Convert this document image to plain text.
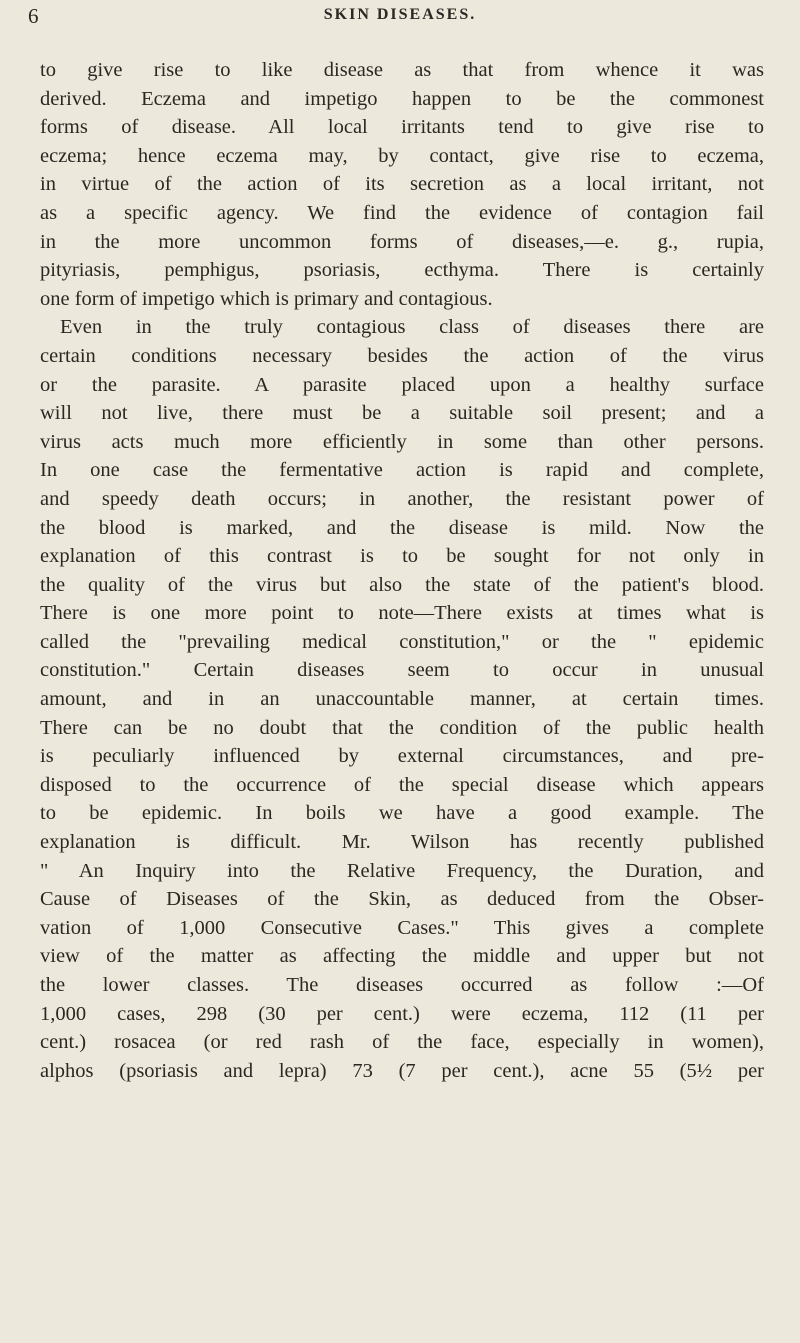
6	SKIN DISEASES.
to give rise to like disease as that from whence it was
derived. Eczema and impetigo happen to be the commonest
forms of disease. All local irritants tend to give rise to
eczema; hence eczema may, by contact, give rise to eczema,
in virtue of the action of its secretion as a local irritant, not
as a specific agency. We find the evidence of contagion fail
in the more uncommon forms of diseases,—e. g., rupia,
pityriasis, pemphigus, psoriasis, ecthyma. There is certainly
one form of impetigo which is primary and contagious.
Even in the truly contagious class of diseases there are
certain conditions necessary besides the action of the virus
or the parasite. A parasite placed upon a healthy surface
will not live, there must be a suitable soil present; and a
virus acts much more efficiently in some than other persons.
In one case the fermentative action is rapid and complete,
and speedy death occurs; in another, the resistant power of
the blood is marked, and the disease is mild. Now the
explanation of this contrast is to be sought for not only in
the quality of the virus but also the state of the patient's blood.
There is one more point to note—There exists at times what is
called the "prevailing medical constitution," or the " epidemic
constitution." Certain diseases seem to occur in unusual
amount, and in an unaccountable manner, at certain times.
There can be no doubt that the condition of the public health
is peculiarly influenced by external circumstances, and pre-
disposed to the occurrence of the special disease which appears
to be epidemic. In boils we have a good example. The
explanation is difficult. Mr. Wilson has recently published
" An Inquiry into the Relative Frequency, the Duration, and
Cause of Diseases of the Skin, as deduced from the Obser-
vation of 1,000 Consecutive Cases." This gives a complete
view of the matter as affecting the middle and upper but not
the lower classes. The diseases occurred as follow :—Of
1,000 cases, 298 (30 per cent.) were eczema, 112 (11 per
cent.) rosacea (or red rash of the face, especially in women),
alphos (psoriasis and lepra) 73 (7 per cent.), acne 55 (5½ per
